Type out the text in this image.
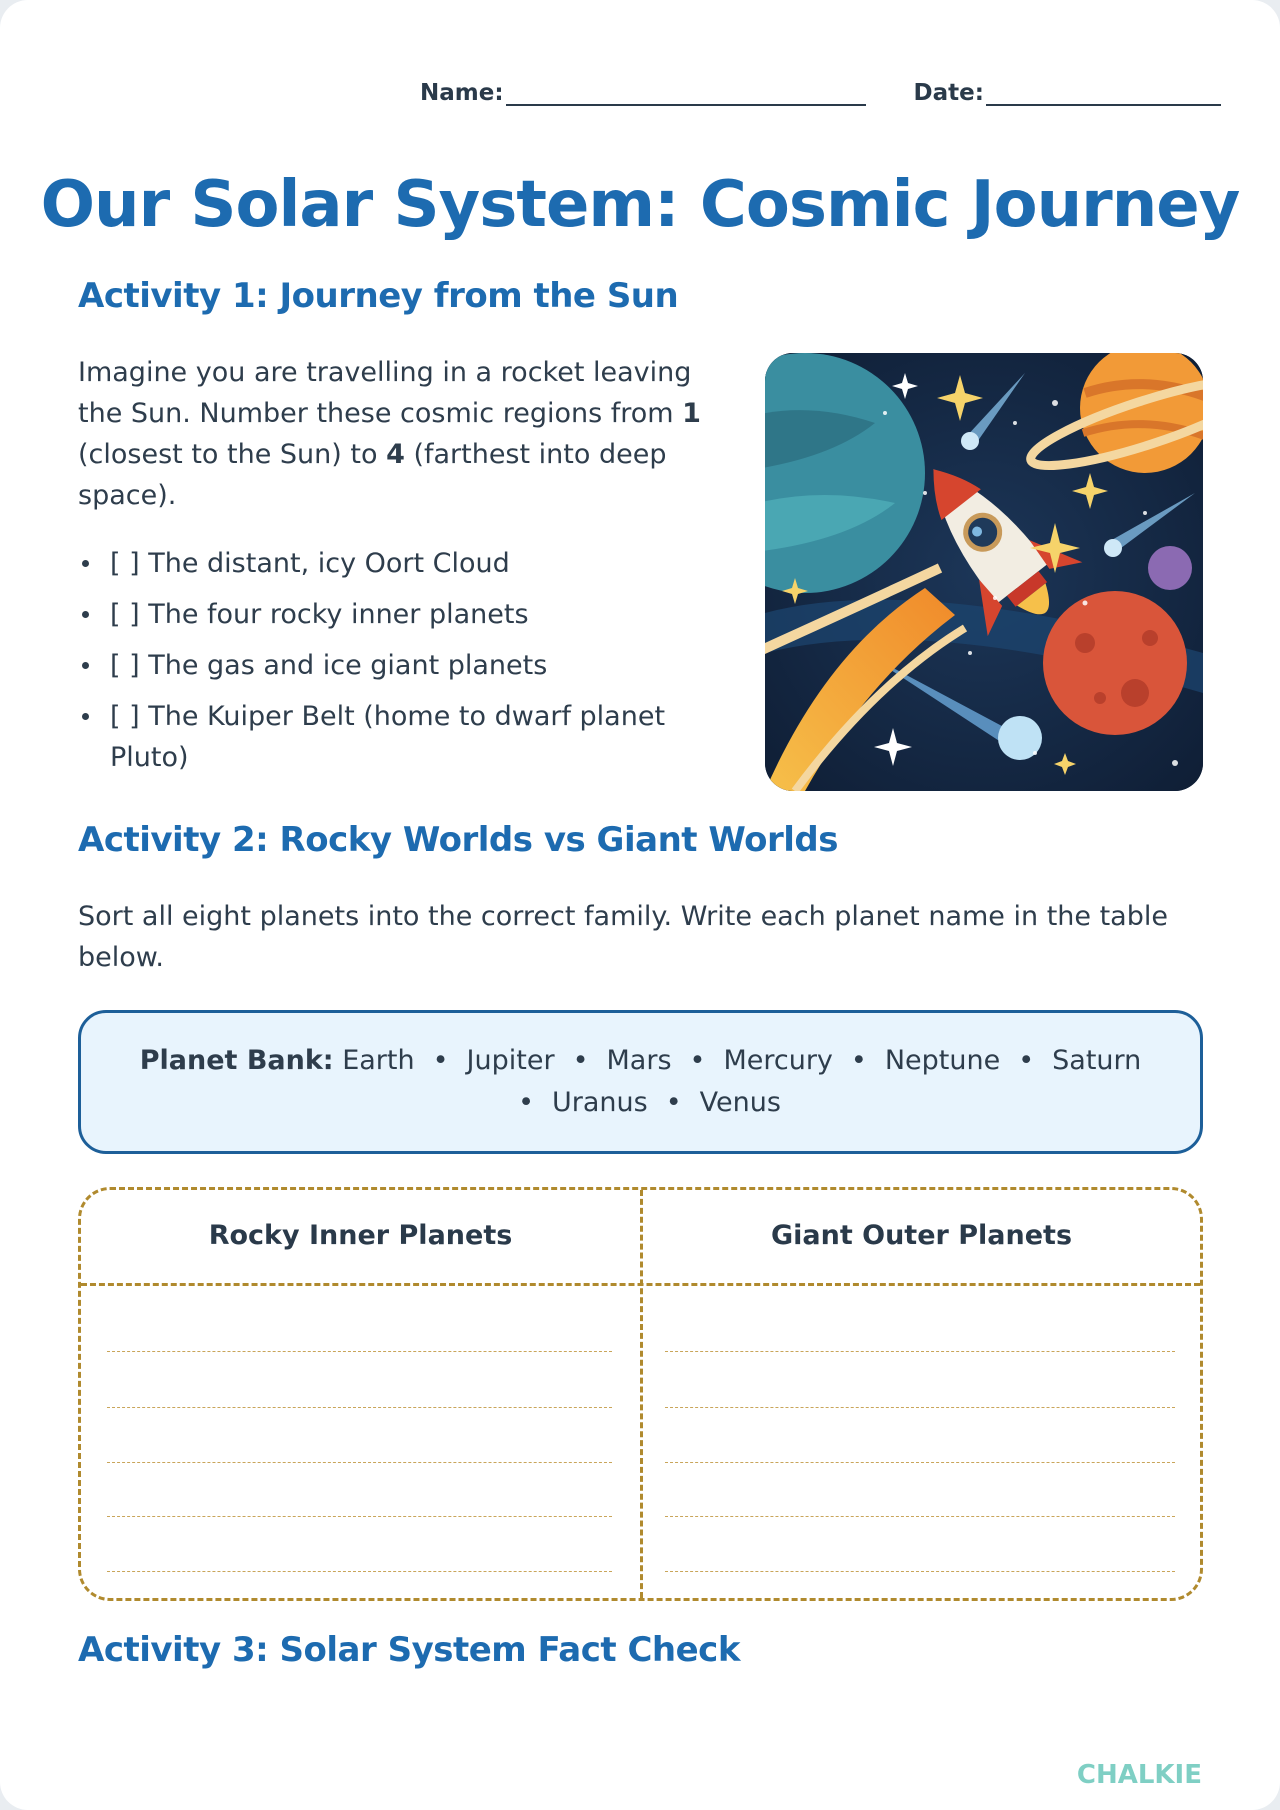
Name:	Date:
Our Solar System: Cosmic Journey
Activity 1: Journey from the Sun

Imagine you are travelling in a rocket leaving the Sun. Number these cosmic regions from 1 (closest to the Sun) to 4 (farthest into deep space).

[ ] The distant, icy Oort Cloud
[ ] The four rocky inner planets
[ ] The gas and ice giant planets
[ ] The Kuiper Belt (home to dwarf planet Pluto)
Activity 2: Rocky Worlds vs Giant Worlds

Sort all eight planets into the correct family. Write each planet name in the table below.

Planet Bank: Earth • Jupiter • Mars • Mercury • Neptune • Saturn
• Uranus • Venus
Rocky Inner Planets	Giant Outer Planets
Activity 3: Solar System Fact Check
CHALKIE
